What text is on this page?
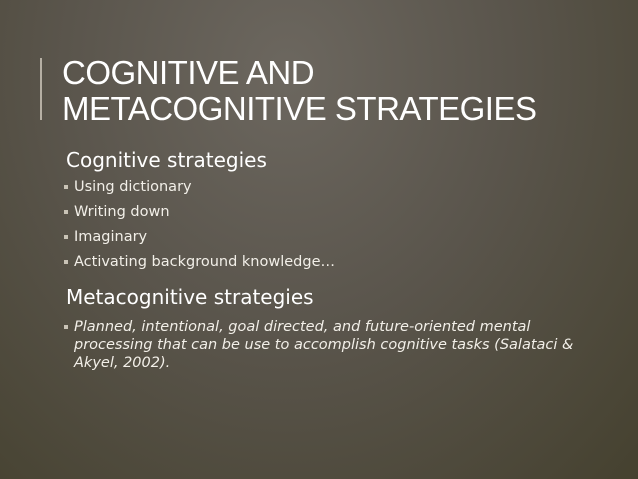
COGNITIVE AND
METACOGNITIVE STRATEGIES
Cognitive strategies
Using dictionary
Writing down
Imaginary
Activating background knowledge…
Metacognitive strategies
Planned, intentional, goal directed, and future-oriented mental processing that can be use to accomplish cognitive tasks (Salataci & Akyel, 2002).
